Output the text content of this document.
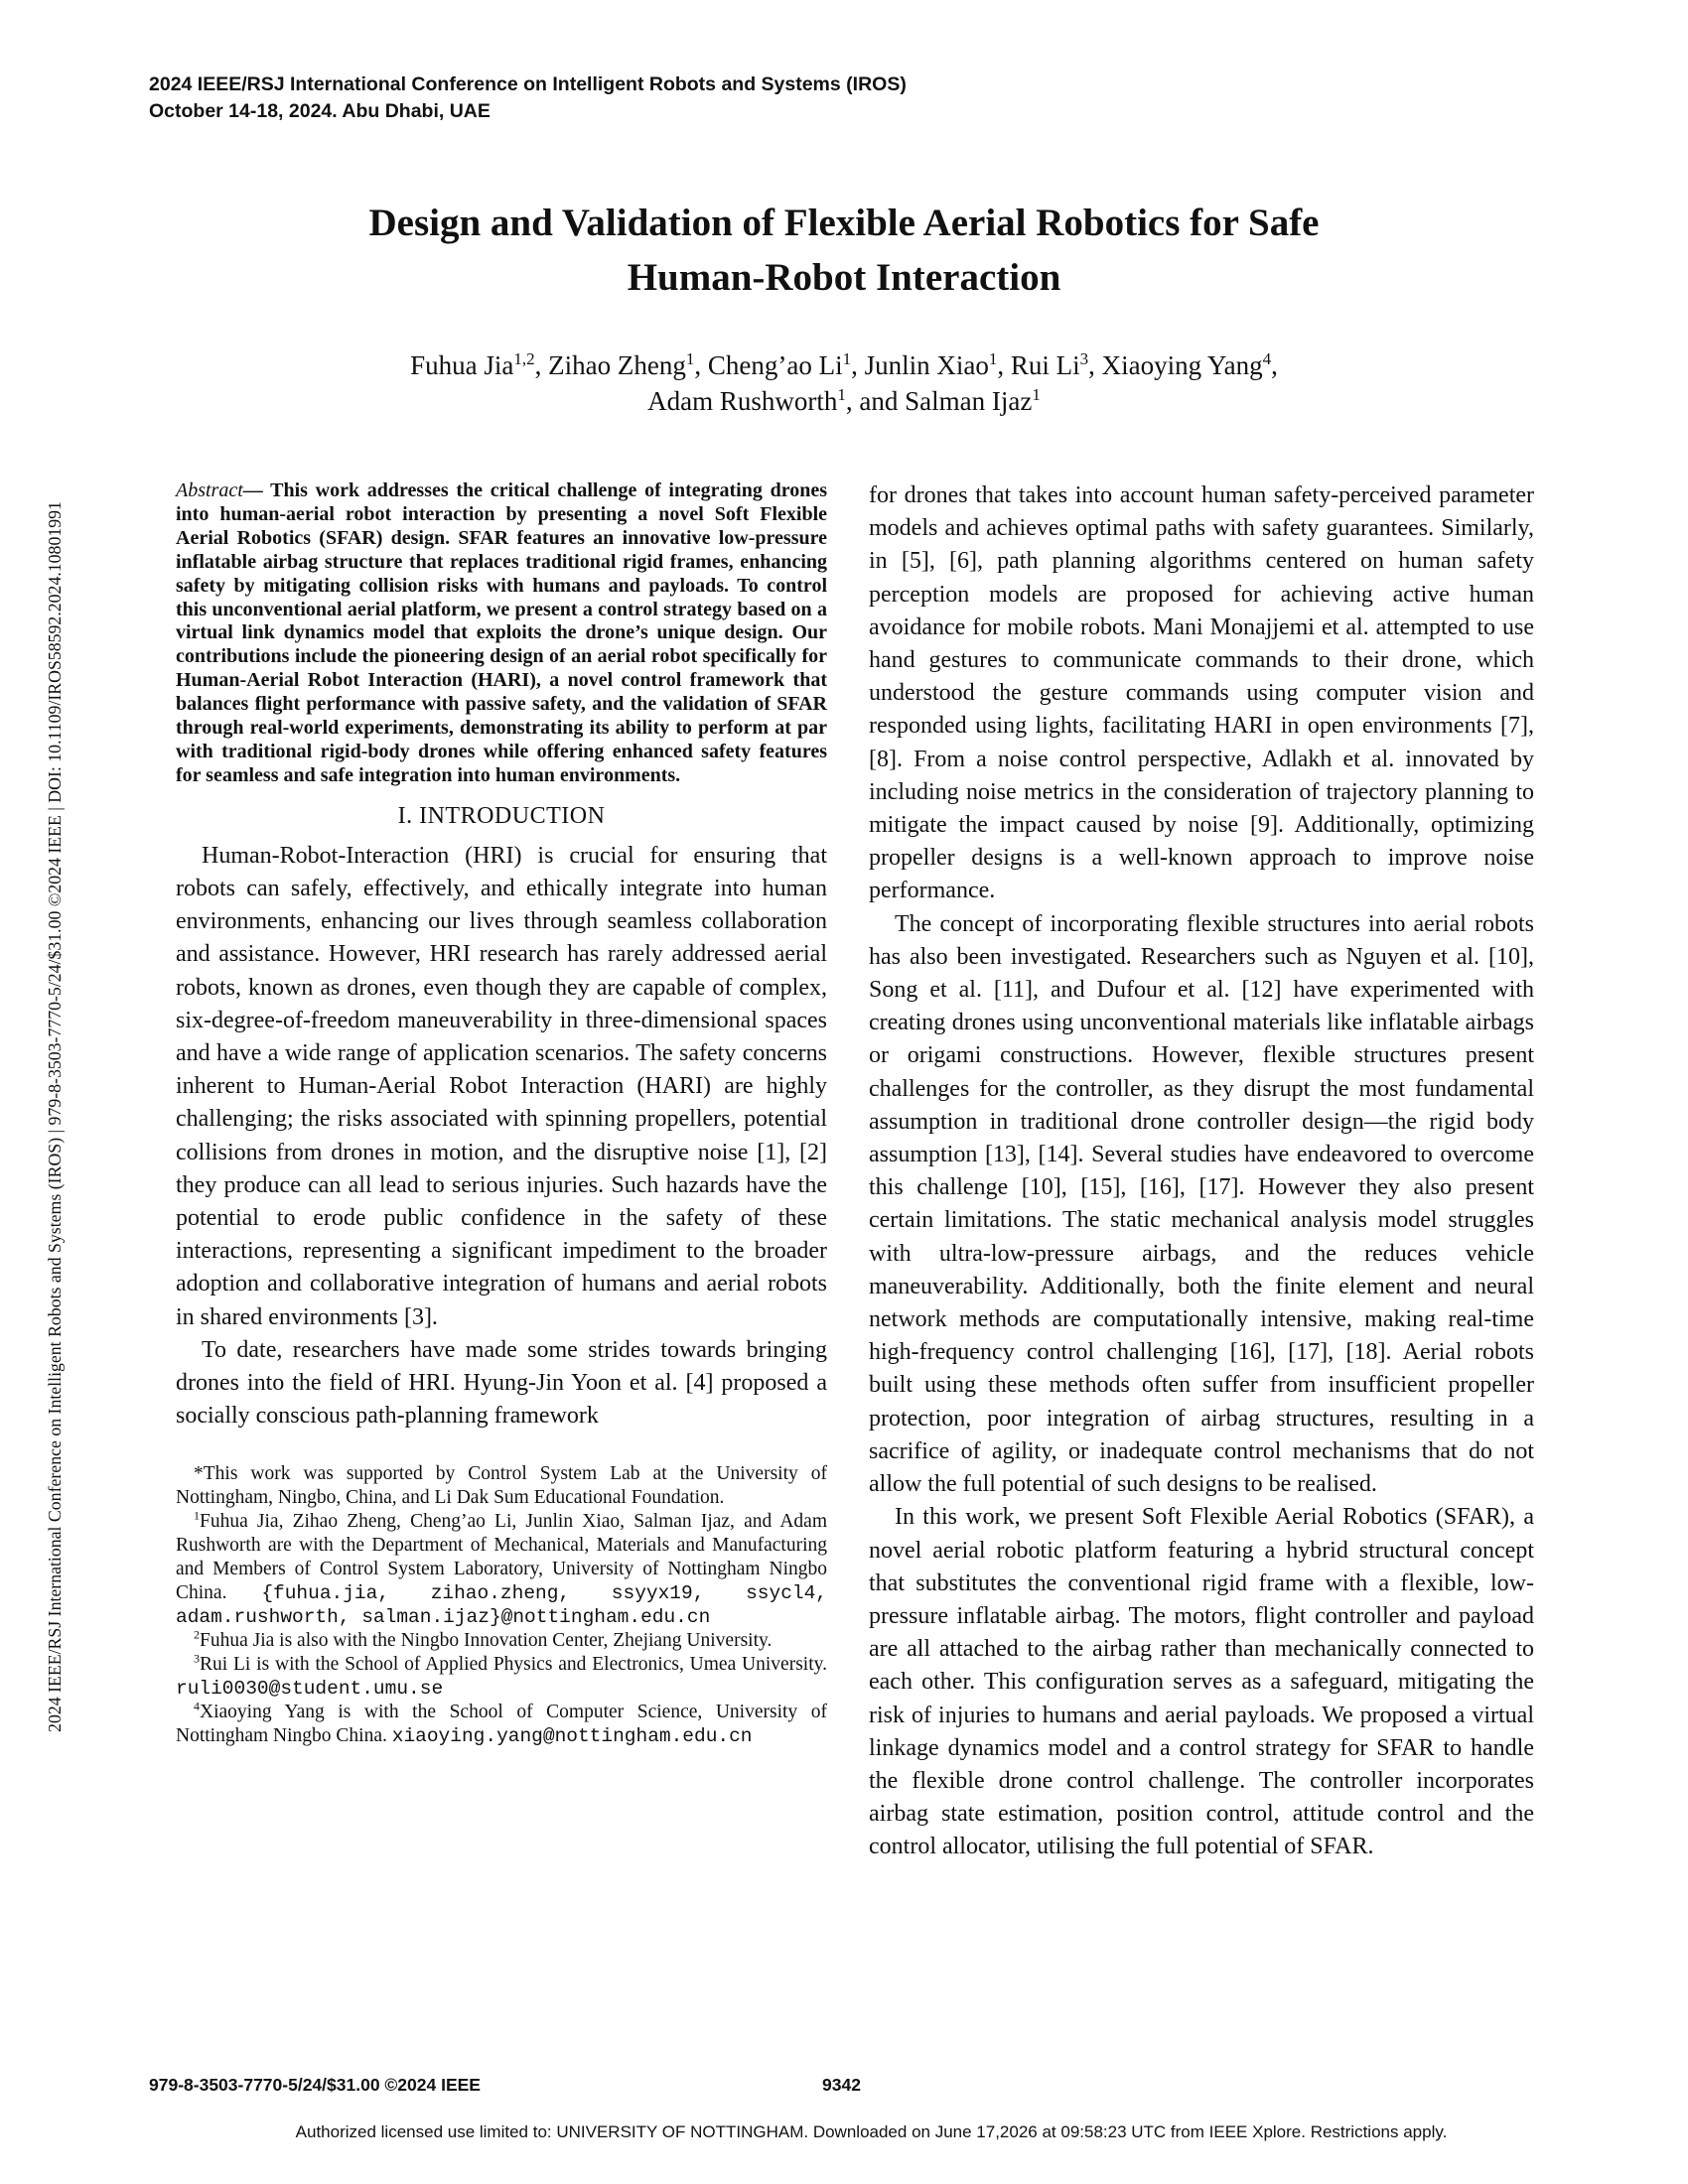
2024 IEEE/RSJ International Conference on Intelligent Robots and Systems (IROS)
October 14-18, 2024. Abu Dhabi, UAE
2024 IEEE/RSJ International Conference on Intelligent Robots and Systems (IROS) | 979-8-3503-7770-5/24/$31.00 ©2024 IEEE | DOI: 10.1109/IROS58592.2024.10801991
Design and Validation of Flexible Aerial Robotics for Safe
Human-Robot Interaction
Fuhua Jia$^{1,2}$, Zihao Zheng$^1$, Cheng’ao Li$^1$, Junlin Xiao$^1$, Rui Li$^3$, Xiaoying Yang$^4$,
Adam Rushworth$^1$, and Salman Ijaz$^1$

Abstract— This work addresses the critical challenge of integrating drones into human-aerial robot interaction by presenting a novel Soft Flexible Aerial Robotics (SFAR) design. SFAR features an innovative low-pressure inflatable airbag structure that replaces traditional rigid frames, enhancing safety by mitigating collision risks with humans and payloads. To control this unconventional aerial platform, we present a control strategy based on a virtual link dynamics model that exploits the drone’s unique design. Our contributions include the pioneering design of an aerial robot specifically for Human-Aerial Robot Interaction (HARI), a novel control framework that balances flight performance with passive safety, and the validation of SFAR through real-world experiments, demonstrating its ability to perform at par with traditional rigid-body drones while offering enhanced safety features for seamless and safe integration into human environments.

I. INTRODUCTION

Human-Robot-Interaction (HRI) is crucial for ensuring that robots can safely, effectively, and ethically integrate into human environments, enhancing our lives through seamless collaboration and assistance. However, HRI research has rarely addressed aerial robots, known as drones, even though they are capable of complex, six-degree-of-freedom maneuverability in three-dimensional spaces and have a wide range of application scenarios. The safety concerns inherent to Human-Aerial Robot Interaction (HARI) are highly challenging; the risks associated with spinning propellers, potential collisions from drones in motion, and the disruptive noise [1], [2] they produce can all lead to serious injuries. Such hazards have the potential to erode public confidence in the safety of these interactions, representing a significant impediment to the broader adoption and collaborative integration of humans and aerial robots in shared environments [3].

To date, researchers have made some strides towards bringing drones into the field of HRI. Hyung-Jin Yoon et al. [4] proposed a socially conscious path-planning framework

*This work was supported by Control System Lab at the University of Nottingham, Ningbo, China, and Li Dak Sum Educational Foundation.

$^1$Fuhua Jia, Zihao Zheng, Cheng’ao Li, Junlin Xiao, Salman Ijaz, and Adam Rushworth are with the Department of Mechanical, Materials and Manufacturing and Members of Control System Laboratory, University of Nottingham Ningbo China. {fuhua.jia, zihao.zheng, ssyyx19, ssycl4, adam.rushworth, salman.ijaz}@nottingham.edu.cn

$^2$Fuhua Jia is also with the Ningbo Innovation Center, Zhejiang University.

$^3$Rui Li is with the School of Applied Physics and Electronics, Umea University. ruli0030@student.umu.se

$^4$Xiaoying Yang is with the School of Computer Science, University of Nottingham Ningbo China. xiaoying.yang@nottingham.edu.cn

for drones that takes into account human safety-perceived parameter models and achieves optimal paths with safety guarantees. Similarly, in [5], [6], path planning algorithms centered on human safety perception models are proposed for achieving active human avoidance for mobile robots. Mani Monajjemi et al. attempted to use hand gestures to communicate commands to their drone, which understood the gesture commands using computer vision and responded using lights, facilitating HARI in open environments [7], [8]. From a noise control perspective, Adlakh et al. innovated by including noise metrics in the consideration of trajectory planning to mitigate the impact caused by noise [9]. Additionally, optimizing propeller designs is a well-known approach to improve noise performance.

The concept of incorporating flexible structures into aerial robots has also been investigated. Researchers such as Nguyen et al. [10], Song et al. [11], and Dufour et al. [12] have experimented with creating drones using unconventional materials like inflatable airbags or origami constructions. However, flexible structures present challenges for the controller, as they disrupt the most fundamental assumption in traditional drone controller design—the rigid body assumption [13], [14]. Several studies have endeavored to overcome this challenge [10], [15], [16], [17]. However they also present certain limitations. The static mechanical analysis model struggles with ultra-low-pressure airbags, and the reduces vehicle maneuverability. Additionally, both the finite element and neural network methods are computationally intensive, making real-time high-frequency control challenging [16], [17], [18]. Aerial robots built using these methods often suffer from insufficient propeller protection, poor integration of airbag structures, resulting in a sacrifice of agility, or inadequate control mechanisms that do not allow the full potential of such designs to be realised.

In this work, we present Soft Flexible Aerial Robotics (SFAR), a novel aerial robotic platform featuring a hybrid structural concept that substitutes the conventional rigid frame with a flexible, low-pressure inflatable airbag. The motors, flight controller and payload are all attached to the airbag rather than mechanically connected to each other. This configuration serves as a safeguard, mitigating the risk of injuries to humans and aerial payloads. We proposed a virtual linkage dynamics model and a control strategy for SFAR to handle the flexible drone control challenge. The controller incorporates airbag state estimation, position control, attitude control and the control allocator, utilising the full potential of SFAR.

979-8-3503-7770-5/24/$31.00 ©2024 IEEE	9342
Authorized licensed use limited to: UNIVERSITY OF NOTTINGHAM. Downloaded on June 17,2026 at 09:58:23 UTC from IEEE Xplore. Restrictions apply.
